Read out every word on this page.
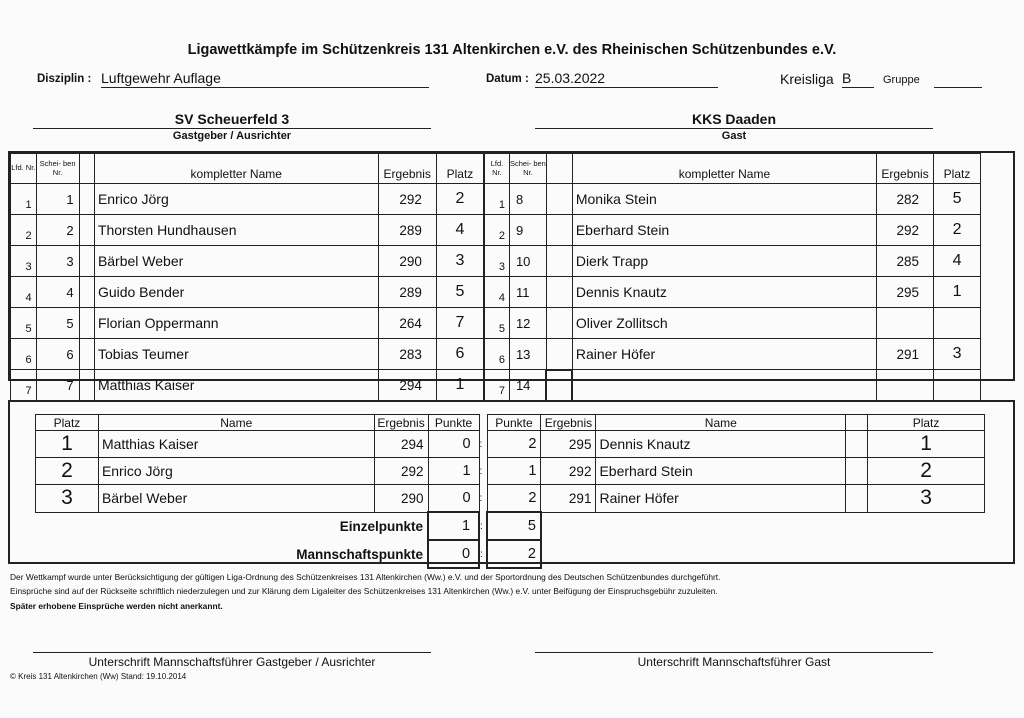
Ligawettkämpfe im Schützenkreis 131 Altenkirchen e.V. des Rheinischen Schützenbundes e.V.
Disziplin : Luftgewehr Auflage	Datum : 25.03.2022	Kreisliga B	Gruppe
SV Scheuerfeld 3
Gastgeber / Ausrichter
KKS Daaden
Gast
Lfd. Nr.	Schei- ben Nr.		kompletter Name	Ergebnis	Platz
1	1		Enrico Jörg	292	2
2	2		Thorsten Hundhausen	289	4
3	3		Bärbel Weber	290	3
4	4		Guido Bender	289	5
5	5		Florian Oppermann	264	7
6	6		Tobias Teumer	283	6
7	7		Matthias Kaiser	294	1
Lfd. Nr.	Schei- ben Nr.		kompletter Name	Ergebnis	Platz
1	8		Monika Stein	282	5
2	9		Eberhard Stein	292	2
3	10		Dierk Trapp	285	4
4	11		Dennis Knautz	295	1
5	12		Oliver Zollitsch		
6	13		Rainer Höfer	291	3
7	14				
Platz	Name	Ergebnis	Punkte		Punkte	Ergebnis	Name		Platz
1	Matthias Kaiser	294	0	:	2	295	Dennis Knautz		1
2	Enrico Jörg	292	1	:	1	292	Eberhard Stein		2
3	Bärbel Weber	290	0	:	2	291	Rainer Höfer		3
Einzelpunkte			1	:	5				
Mannschaftspunkte			0	:	2				
Der Wettkampf wurde unter Berücksichtigung der gültigen Liga-Ordnung des Schützenkreises 131 Altenkirchen (Ww.) e.V. und der Sportordnung des Deutschen Schützenbundes durchgeführt.
Einsprüche sind auf der Rückseite schriftlich niederzulegen und zur Klärung dem Ligaleiter des Schützenkreises 131 Altenkirchen (Ww.) e.V. unter Beifügung der Einspruchsgebühr zuzuleiten.
Später erhobene Einsprüche werden nicht anerkannt.
Unterschrift Mannschaftsführer Gastgeber / Ausrichter	Unterschrift Mannschaftsführer Gast
© Kreis 131 Altenkirchen (Ww) Stand: 19.10.2014
